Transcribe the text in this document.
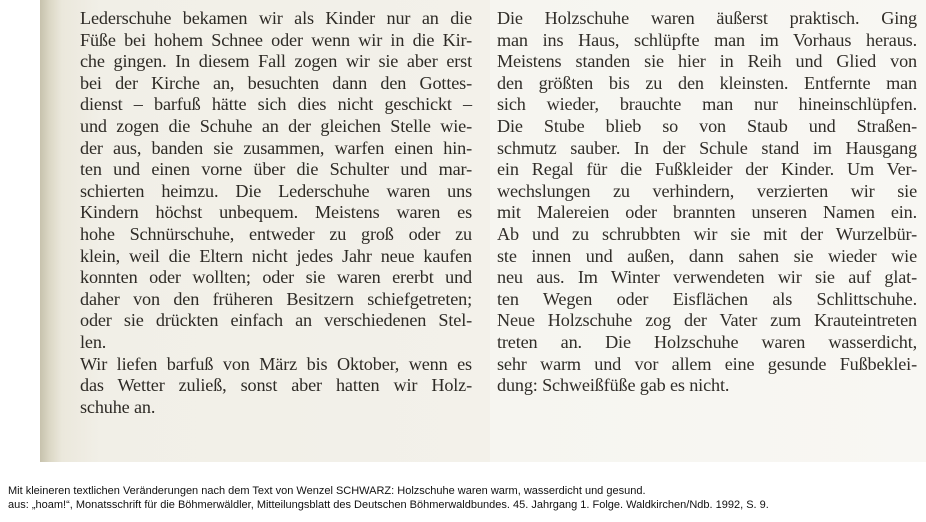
Lederschuhe bekamen wir als Kinder nur an die
Füße bei hohem Schnee oder wenn wir in die Kir-
che gingen. In diesem Fall zogen wir sie aber erst
bei der Kirche an, besuchten dann den Gottes-
dienst – barfuß hätte sich dies nicht geschickt –
und zogen die Schuhe an der gleichen Stelle wie-
der aus, banden sie zusammen, warfen einen hin-
ten und einen vorne über die Schulter und mar-
schierten heimzu. Die Lederschuhe waren uns
Kindern höchst unbequem. Meistens waren es
hohe Schnürschuhe, entweder zu groß oder zu
klein, weil die Eltern nicht jedes Jahr neue kaufen
konnten oder wollten; oder sie waren ererbt und
daher von den früheren Besitzern schiefgetreten;
oder sie drückten einfach an verschiedenen Stel-
len.
Wir liefen barfuß von März bis Oktober, wenn es
das Wetter zuließ, sonst aber hatten wir Holz-
schuhe an.
Die Holzschuhe waren äußerst praktisch. Ging
man ins Haus, schlüpfte man im Vorhaus heraus.
Meistens standen sie hier in Reih und Glied von
den größten bis zu den kleinsten. Entfernte man
sich wieder, brauchte man nur hineinschlüpfen.
Die Stube blieb so von Staub und Straßen-
schmutz sauber. In der Schule stand im Hausgang
ein Regal für die Fußkleider der Kinder. Um Ver-
wechslungen zu verhindern, verzierten wir sie
mit Malereien oder brannten unseren Namen ein.
Ab und zu schrubbten wir sie mit der Wurzelbür-
ste innen und außen, dann sahen sie wieder wie
neu aus. Im Winter verwendeten wir sie auf glat-
ten Wegen oder Eisflächen als Schlittschuhe.
Neue Holzschuhe zog der Vater zum Krauteintreten
treten an. Die Holzschuhe waren wasserdicht,
sehr warm und vor allem eine gesunde Fußbeklei-
dung: Schweißfüße gab es nicht.
Mit kleineren textlichen Veränderungen nach dem Text von Wenzel SCHWARZ: Holzschuhe waren warm, wasserdicht und gesund.
aus: „hoam!“, Monatsschrift für die Böhmerwäldler, Mitteilungsblatt des Deutschen Böhmerwaldbundes. 45. Jahrgang 1. Folge. Waldkirchen/Ndb. 1992, S. 9.
